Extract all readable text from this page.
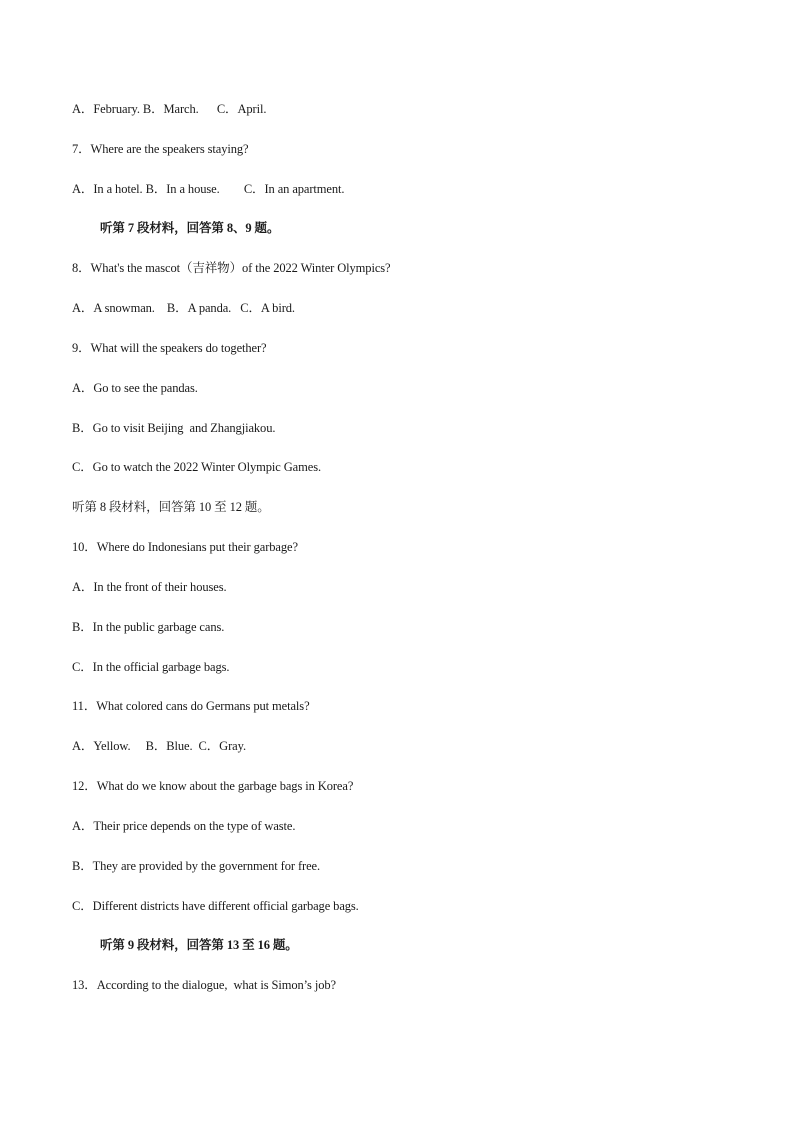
A．February. B．March.      C．April.
7．Where are the speakers staying?
A．In a hotel. B．In a house.        C．In an apartment.
听第 7 段材料，回答第 8、9 题。
8．What's the mascot（吉祥物）of the 2022 Winter Olympics?
A．A snowman.    B．A panda.   C．A bird.
9．What will the speakers do together?
A．Go to see the pandas.
B．Go to visit Beijing  and Zhangjiakou.
C．Go to watch the 2022 Winter Olympic Games.
听第 8 段材料，回答第 10 至 12 题。
10．Where do Indonesians put their garbage?
A．In the front of their houses.
B．In the public garbage cans.
C．In the official garbage bags.
11．What colored cans do Germans put metals?
A．Yellow.     B．Blue.  C．Gray.
12．What do we know about the garbage bags in Korea?
A．Their price depends on the type of waste.
B．They are provided by the government for free.
C．Different districts have different official garbage bags.
听第 9 段材料，回答第 13 至 16 题。
13．According to the dialogue,  what is Simon’s job?
